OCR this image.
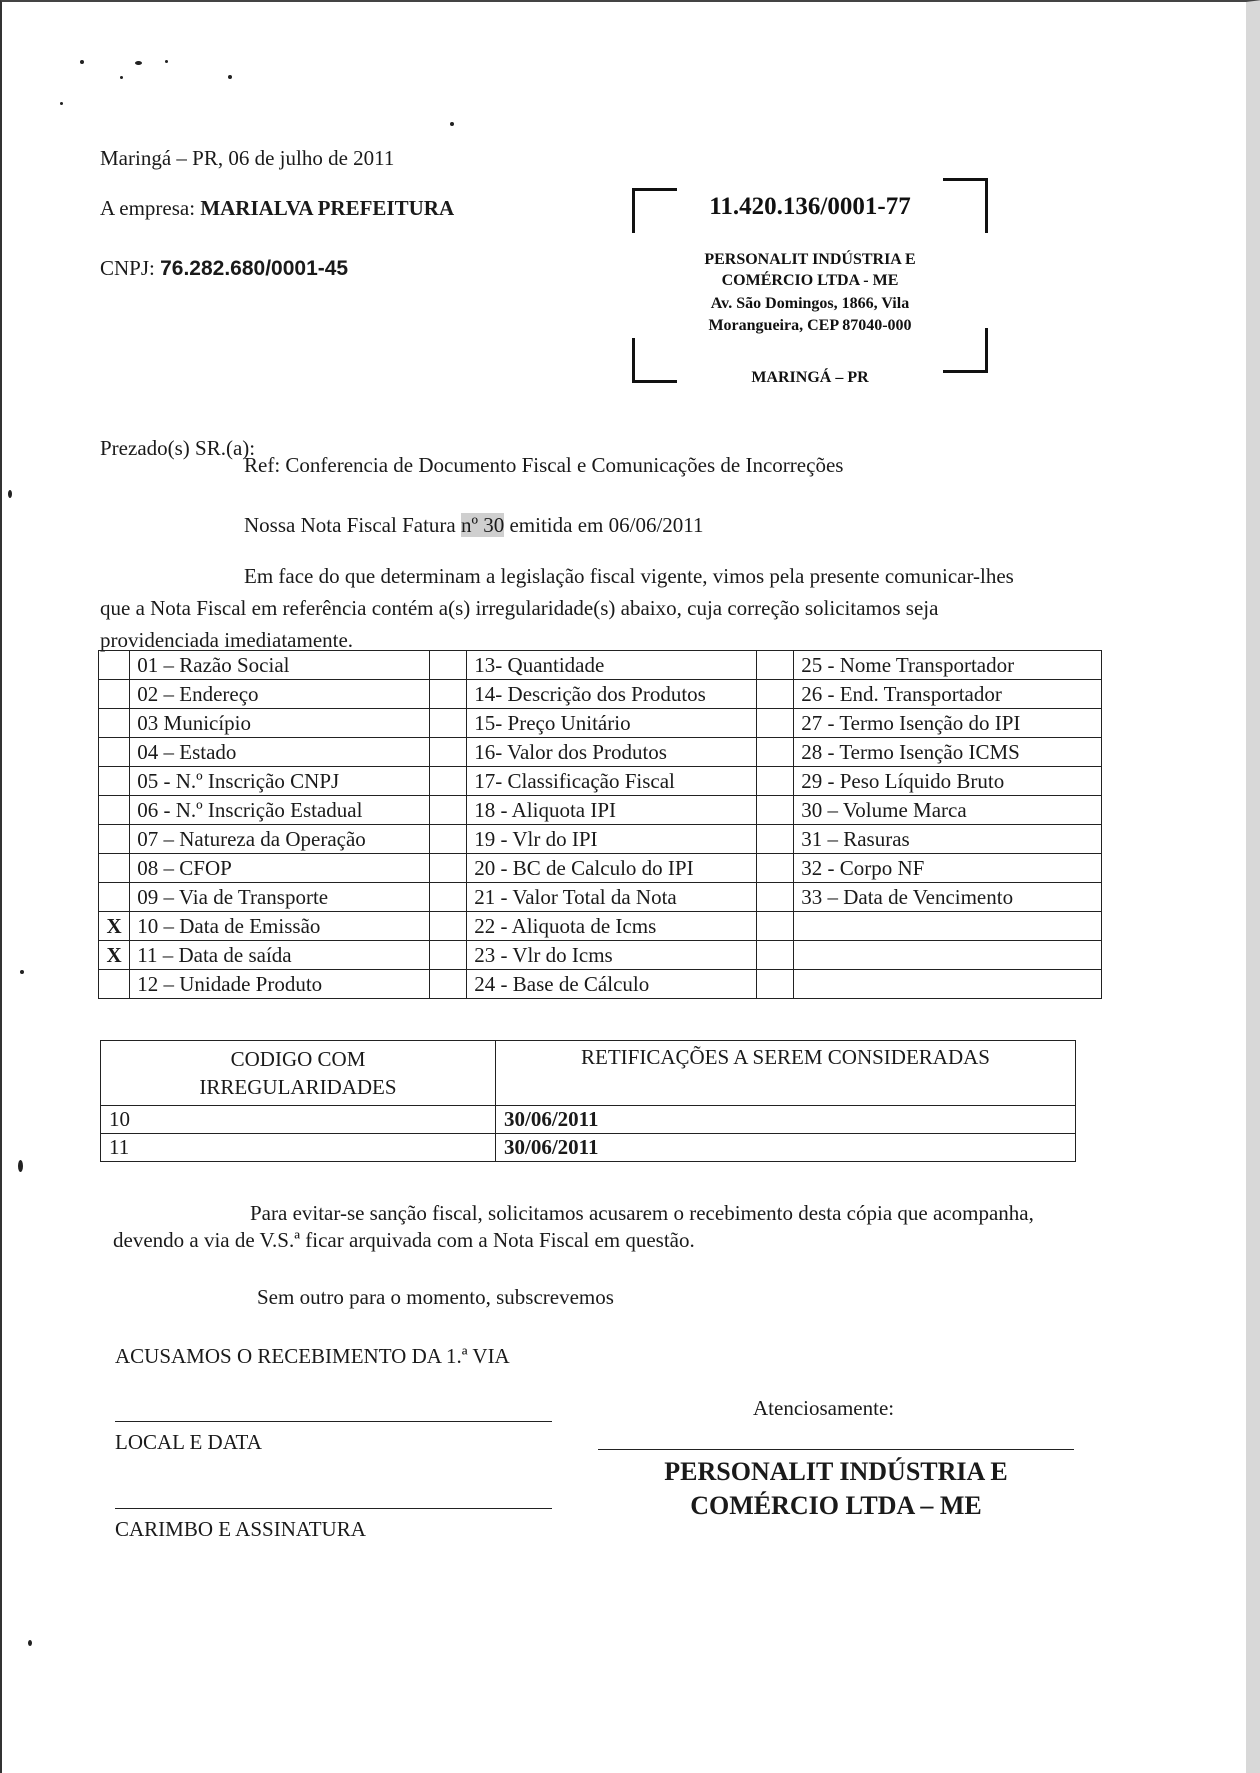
Maringá – PR, 06 de julho de 2011
A empresa: MARIALVA PREFEITURA
CNPJ: 76.282.680/0001-45
11.420.136/0001-77
PERSONALIT INDÚSTRIA E
COMÉRCIO LTDA - ME
Av. São Domingos, 1866, Vila
Morangueira, CEP 87040-000
MARINGÁ – PR
Prezado(s) SR.(a):
Ref: Conferencia de Documento Fiscal e Comunicações de Incorreções
Nossa Nota Fiscal Fatura nº 30 emitida em 06/06/2011
Em face do que determinam a legislação fiscal vigente, vimos pela presente comunicar-lhes
que a Nota Fiscal em referência contém a(s) irregularidade(s) abaixo, cuja correção solicitamos seja
providenciada imediatamente.
	01 – Razão Social		13- Quantidade		25 - Nome Transportador
	02 – Endereço		14- Descrição dos Produtos		26 - End. Transportador
	03 Município		15- Preço Unitário		27 - Termo Isenção do IPI
	04 – Estado		16- Valor dos Produtos		28 - Termo Isenção ICMS
	05 - N.º Inscrição CNPJ		17- Classificação Fiscal		29 - Peso Líquido Bruto
	06 - N.º Inscrição Estadual		18 - Aliquota IPI		30 – Volume Marca
	07 – Natureza da Operação		19 - Vlr do IPI		31 – Rasuras
	08 – CFOP		20 - BC de Calculo do IPI		32 - Corpo NF
	09 – Via de Transporte		21 - Valor Total da Nota		33 – Data de Vencimento
X	10 – Data de Emissão		22 - Aliquota de Icms		
X	11 – Data de saída		23 - Vlr do Icms		
	12 – Unidade Produto		24 - Base de Cálculo		
CODIGO COM
IRREGULARIDADES	RETIFICAÇÕES A SEREM CONSIDERADAS
10	30/06/2011
11	30/06/2011
Para evitar-se sanção fiscal, solicitamos acusarem o recebimento desta cópia que acompanha,
devendo a via de V.S.ª ficar arquivada com a Nota Fiscal em questão.
Sem outro para o momento, subscrevemos
ACUSAMOS O RECEBIMENTO DA 1.ª VIA
Atenciosamente:
LOCAL E DATA
PERSONALIT INDÚSTRIA E
COMÉRCIO LTDA – ME
CARIMBO E ASSINATURA
